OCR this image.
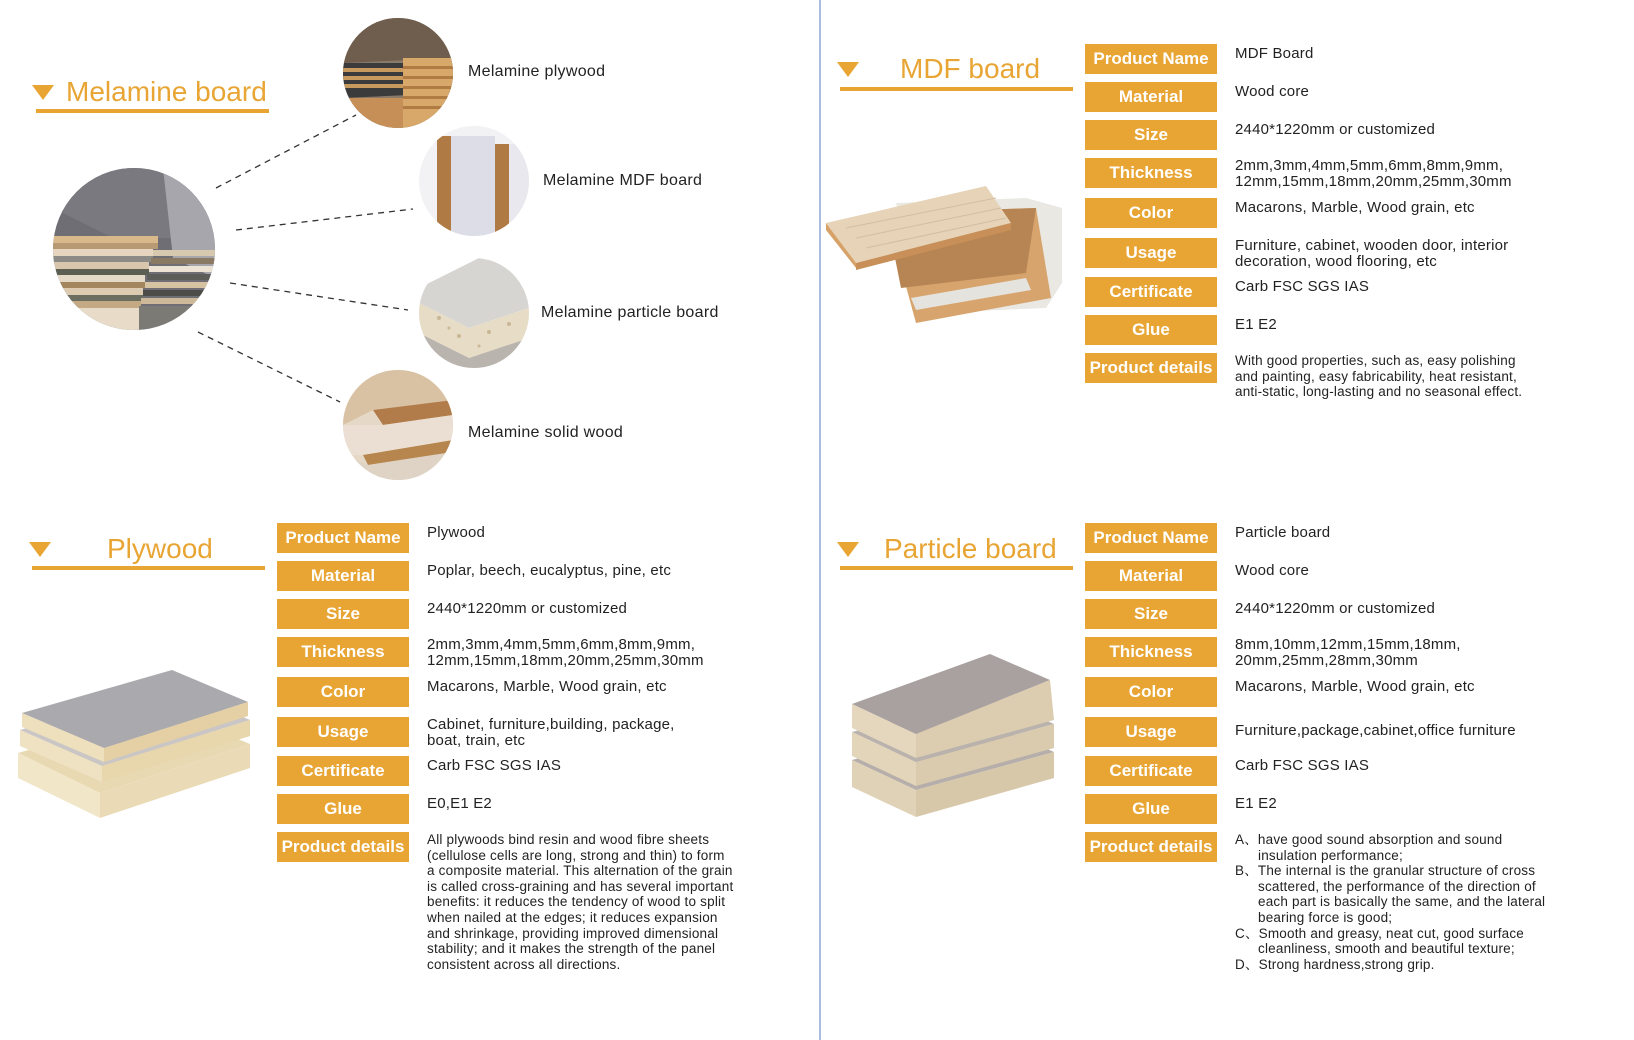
Melamine board
Melamine plywood
Melamine MDF board
Melamine particle board
Melamine solid wood
MDF board	Product Name	MDF Board
Material	Wood core
Size	2440*1220mm or customized
Thickness	2mm,3mm,4mm,5mm,6mm,8mm,9mm,
12mm,15mm,18mm,20mm,25mm,30mm
Color	Macarons, Marble, Wood grain, etc
Usage	Furniture, cabinet, wooden door, interior
decoration, wood flooring, etc
Certificate	Carb FSC SGS IAS
Glue	E1 E2
Product details	With good properties, such as, easy polishing
and painting, easy fabricability, heat resistant,
anti-static, long-lasting and no seasonal effect.
Plywood	Product Name	Plywood
Material	Poplar, beech, eucalyptus, pine, etc
Size	2440*1220mm or customized
Thickness	2mm,3mm,4mm,5mm,6mm,8mm,9mm,
12mm,15mm,18mm,20mm,25mm,30mm
Color	Macarons, Marble, Wood grain, etc
Usage	Cabinet, furniture,building, package,
boat, train, etc
Certificate	Carb FSC SGS IAS
Glue	E0,E1 E2
Product details	All plywoods bind resin and wood fibre sheets
(cellulose cells are long, strong and thin) to form
a composite material. This alternation of the grain
is called cross-graining and has several important
benefits: it reduces the tendency of wood to split
when nailed at the edges; it reduces expansion
and shrinkage, providing improved dimensional
stability; and it makes the strength of the panel
consistent across all directions.
Particle board	Product Name	Particle board
Material	Wood core
Size	2440*1220mm or customized
Thickness	8mm,10mm,12mm,15mm,18mm,
20mm,25mm,28mm,30mm
Color	Macarons, Marble, Wood grain, etc
Usage	Furniture,package,cabinet,office furniture
Certificate	Carb FSC SGS IAS
Glue	E1 E2
Product details	A、have good sound absorption and sound insulation performance;
B、The internal is the granular structure of cross scattered, the performance of the direction of each part is basically the same, and the lateral bearing force is good;
C、Smooth and greasy, neat cut, good surface cleanliness, smooth and beautiful texture;
D、Strong hardness,strong grip.
